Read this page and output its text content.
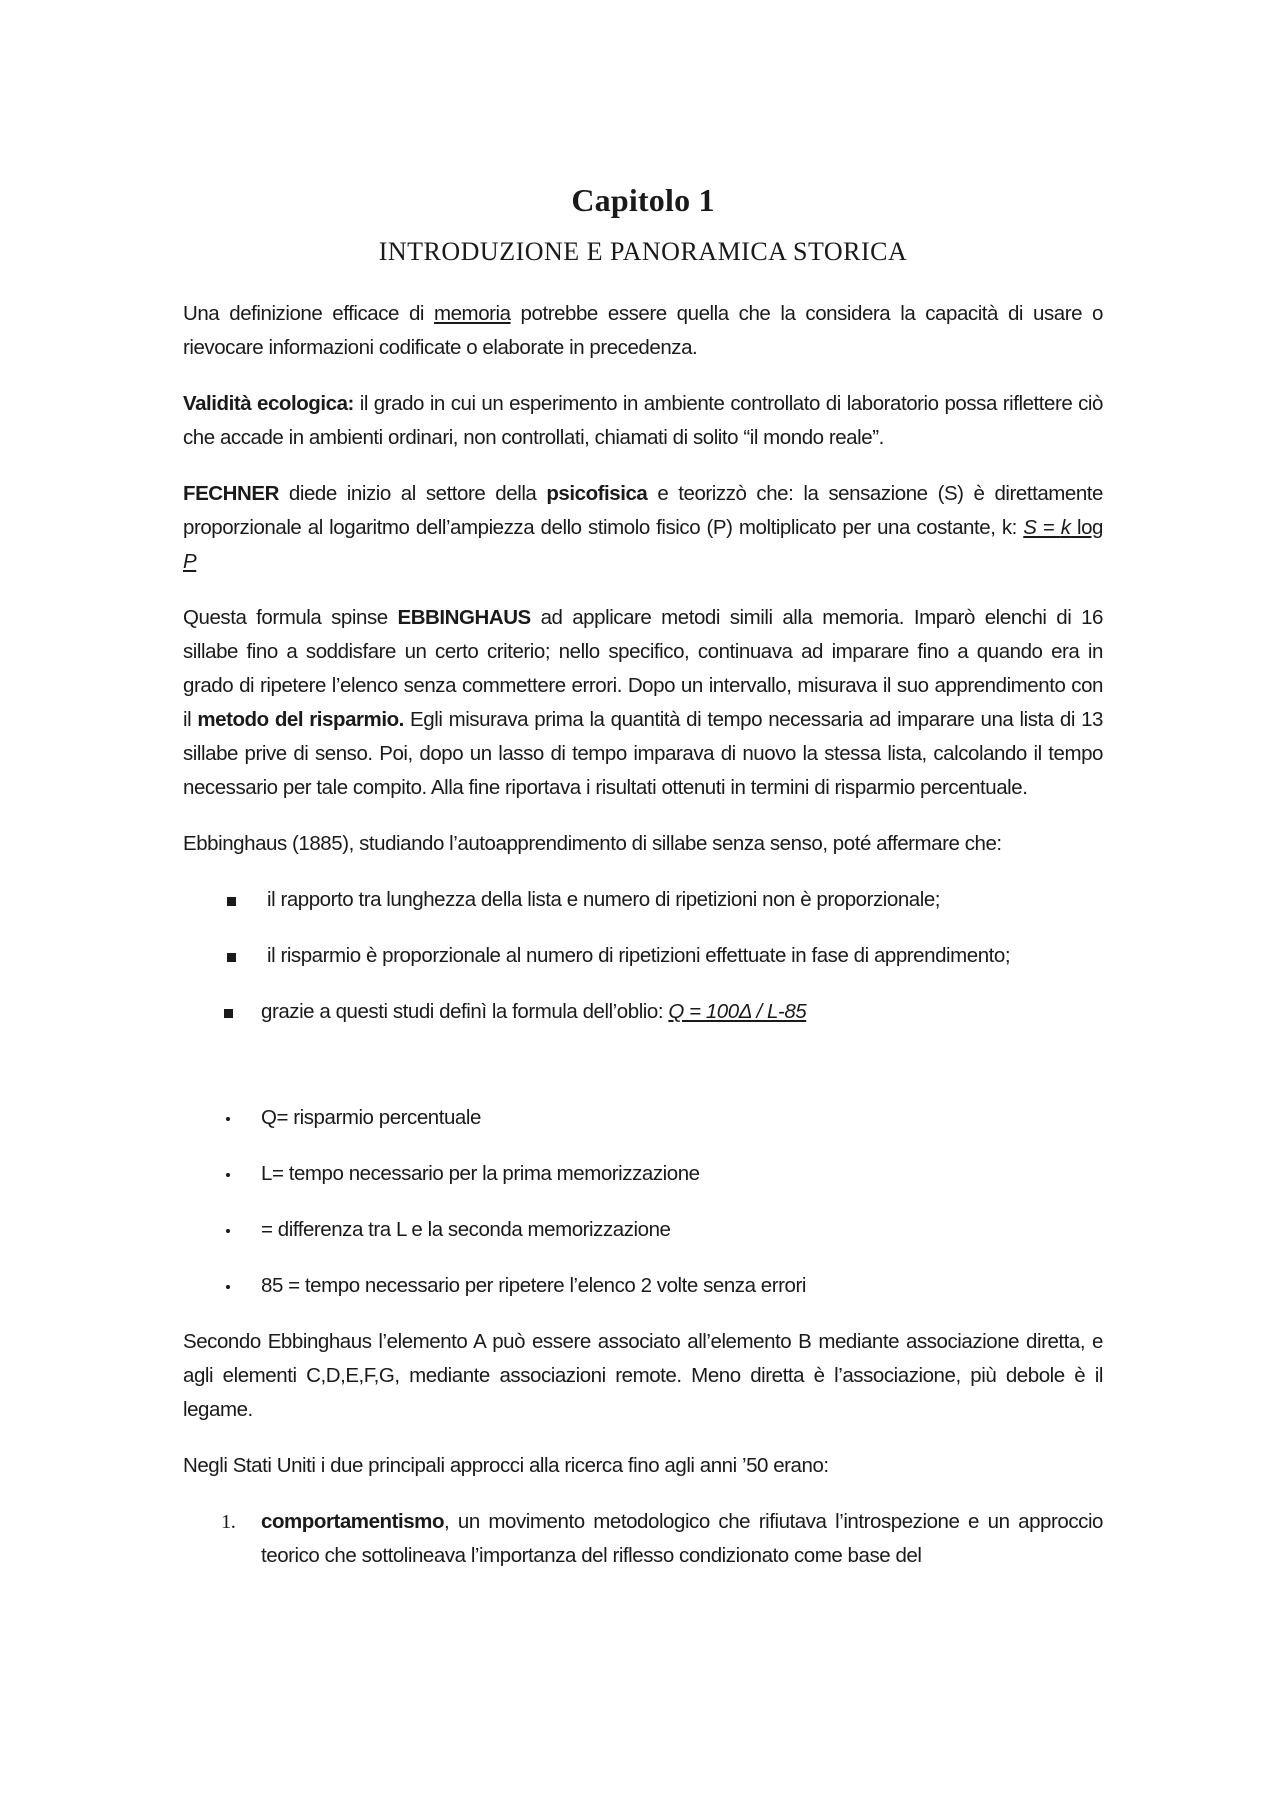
Capitolo 1
INTRODUZIONE E PANORAMICA STORICA

Una definizione efficace di memoria potrebbe essere quella che la considera la capacità di usare o rievocare informazioni codificate o elaborate in precedenza.

Validità ecologica: il grado in cui un esperimento in ambiente controllato di laboratorio possa riflettere ciò che accade in ambienti ordinari, non controllati, chiamati di solito “il mondo reale”.

FECHNER diede inizio al settore della psicofisica e teorizzò che: la sensazione (S) è direttamente proporzionale al logaritmo dell’ampiezza dello stimolo fisico (P) moltiplicato per una costante, k: S = k log P

Questa formula spinse EBBINGHAUS ad applicare metodi simili alla memoria. Imparò elenchi di 16 sillabe fino a soddisfare un certo criterio; nello specifico, continuava ad imparare fino a quando era in grado di ripetere l’elenco senza commettere errori. Dopo un intervallo, misurava il suo apprendimento con il metodo del risparmio. Egli misurava prima la quantità di tempo necessaria ad imparare una lista di 13 sillabe prive di senso. Poi, dopo un lasso di tempo imparava di nuovo la stessa lista, calcolando il tempo necessario per tale compito. Alla fine riportava i risultati ottenuti in termini di risparmio percentuale.

Ebbinghaus (1885), studiando l’autoapprendimento di sillabe senza senso, poté affermare che:

il rapporto tra lunghezza della lista e numero di ripetizioni non è proporzionale;
il risparmio è proporzionale al numero di ripetizioni effettuate in fase di apprendimento;
grazie a questi studi definì la formula dell’oblio: Q = 100Δ / L-85
Q= risparmio percentuale
L= tempo necessario per la prima memorizzazione
= differenza tra L e la seconda memorizzazione
85 = tempo necessario per ripetere l’elenco 2 volte senza errori

Secondo Ebbinghaus l’elemento A può essere associato all’elemento B mediante associazione diretta, e agli elementi C,D,E,F,G, mediante associazioni remote. Meno diretta è l’associazione, più debole è il legame.

Negli Stati Uniti i due principali approcci alla ricerca fino agli anni ’50 erano:

1. comportamentismo, un movimento metodologico che rifiutava l’introspezione e un approccio teorico che sottolineava l’importanza del riflesso condizionato come base del
